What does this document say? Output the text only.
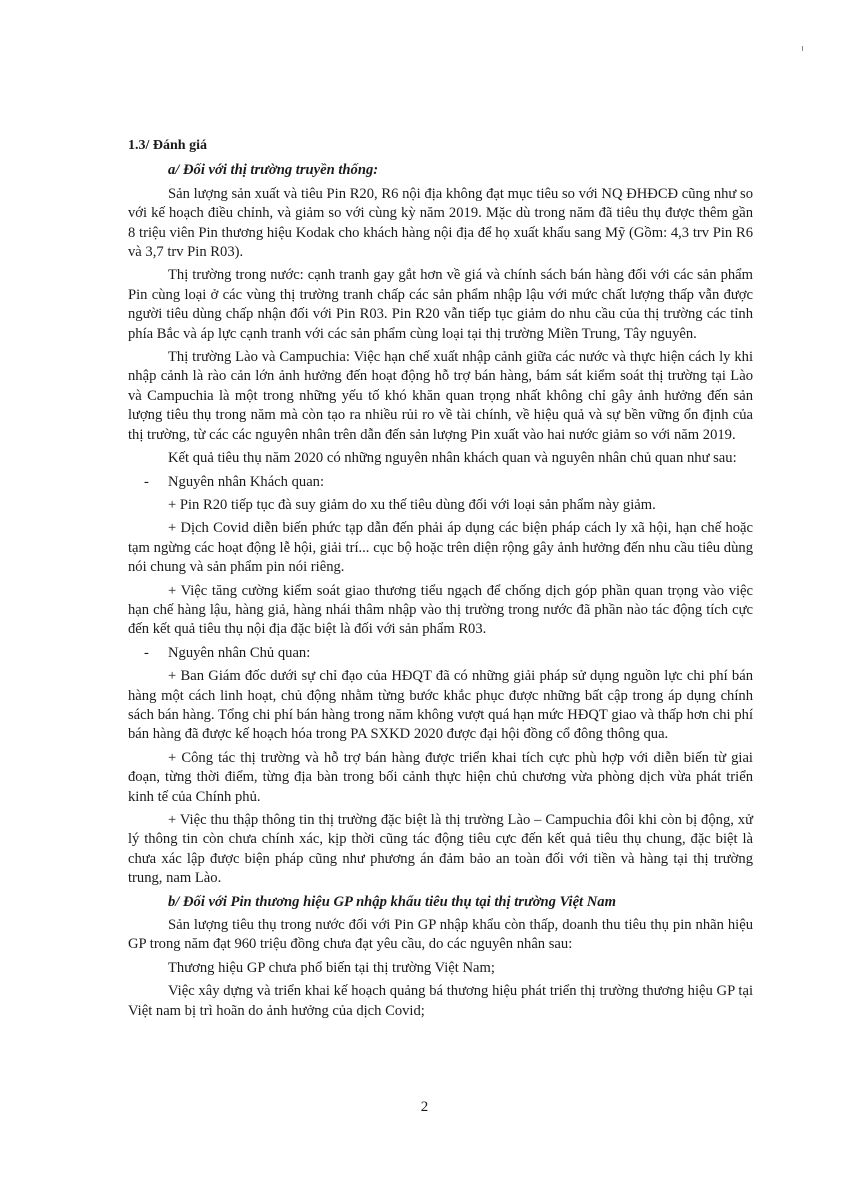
1.3/ Đánh giá

a/ Đối với thị trường truyền thống:

Sản lượng sản xuất và tiêu Pin R20, R6 nội địa không đạt mục tiêu so với NQ ĐHĐCĐ cũng như so với kế hoạch điều chỉnh, và giảm so với cùng kỳ năm 2019. Mặc dù trong năm đã tiêu thụ được thêm gần 8 triệu viên Pin thương hiệu Kodak cho khách hàng nội địa để họ xuất khẩu sang Mỹ (Gồm: 4,3 trv Pin R6 và 3,7 trv Pin R03).

Thị trường trong nước: cạnh tranh gay gắt hơn về giá và chính sách bán hàng đối với các sản phẩm Pin cùng loại ở các vùng thị trường tranh chấp các sản phẩm nhập lậu với mức chất lượng thấp vẫn được người tiêu dùng chấp nhận đối với Pin R03. Pin R20 vẫn tiếp tục giảm do nhu cầu của thị trường các tỉnh phía Bắc và áp lực cạnh tranh với các sản phẩm cùng loại tại thị trường Miền Trung, Tây nguyên.

Thị trường Lào và Campuchia: Việc hạn chế xuất nhập cảnh giữa các nước và thực hiện cách ly khi nhập cảnh là rào cản lớn ảnh hưởng đến hoạt động hỗ trợ bán hàng, bám sát kiểm soát thị trường tại Lào và Campuchia là một trong những yếu tố khó khăn quan trọng nhất không chỉ gây ảnh hưởng đến sản lượng tiêu thụ trong năm mà còn tạo ra nhiều rủi ro về tài chính, về hiệu quả và sự bền vững ổn định của thị trường, từ các các nguyên nhân trên dẫn đến sản lượng Pin xuất vào hai nước giảm so với năm 2019.

Kết quả tiêu thụ năm 2020 có những nguyên nhân khách quan và nguyên nhân chủ quan như sau:

- Nguyên nhân Khách quan:

+ Pin R20 tiếp tục đà suy giảm do xu thế tiêu dùng đối với loại sản phẩm này giảm.

+ Dịch Covid diễn biến phức tạp dẫn đến phải áp dụng các biện pháp cách ly xã hội, hạn chế hoặc tạm ngừng các hoạt động lễ hội, giải trí... cục bộ hoặc trên diện rộng gây ảnh hưởng đến nhu cầu tiêu dùng nói chung và sản phẩm pin nói riêng.

+ Việc tăng cường kiểm soát giao thương tiểu ngạch để chống dịch góp phần quan trọng vào việc hạn chế hàng lậu, hàng giả, hàng nhái thâm nhập vào thị trường trong nước đã phần nào tác động tích cực đến kết quả tiêu thụ nội địa đặc biệt là đối với sản phẩm R03.

- Nguyên nhân Chủ quan:

+ Ban Giám đốc dưới sự chỉ đạo của HĐQT đã có những giải pháp sử dụng nguồn lực chi phí bán hàng một cách linh hoạt, chủ động nhằm từng bước khắc phục được những bất cập trong áp dụng chính sách bán hàng. Tổng chi phí bán hàng trong năm không vượt quá hạn mức HĐQT giao và thấp hơn chi phí bán hàng đã được kế hoạch hóa trong PA SXKD 2020 được đại hội đồng cổ đông thông qua.

+ Công tác thị trường và hỗ trợ bán hàng được triển khai tích cực phù hợp với diễn biến từ giai đoạn, từng thời điểm, từng địa bàn trong bối cảnh thực hiện chủ chương vừa phòng dịch vừa phát triển kinh tế của Chính phủ.

+ Việc thu thập thông tin thị trường đặc biệt là thị trường Lào – Campuchia đôi khi còn bị động, xử lý thông tin còn chưa chính xác, kịp thời cũng tác động tiêu cực đến kết quả tiêu thụ chung, đặc biệt là chưa xác lập được biện pháp cũng như phương án đảm bảo an toàn đối với tiền và hàng tại thị trường trung, nam Lào.

b/ Đối với Pin thương hiệu GP nhập khẩu tiêu thụ tại thị trường Việt Nam

Sản lượng tiêu thụ trong nước đối với Pin GP nhập khẩu còn thấp, doanh thu tiêu thụ pin nhãn hiệu GP trong năm đạt 960 triệu đồng chưa đạt yêu cầu, do các nguyên nhân sau:

Thương hiệu GP chưa phổ biến tại thị trường Việt Nam;

Việc xây dựng và triển khai kế hoạch quảng bá thương hiệu phát triển thị trường thương hiệu GP tại Việt nam bị trì hoãn do ảnh hưởng của dịch Covid;

2
